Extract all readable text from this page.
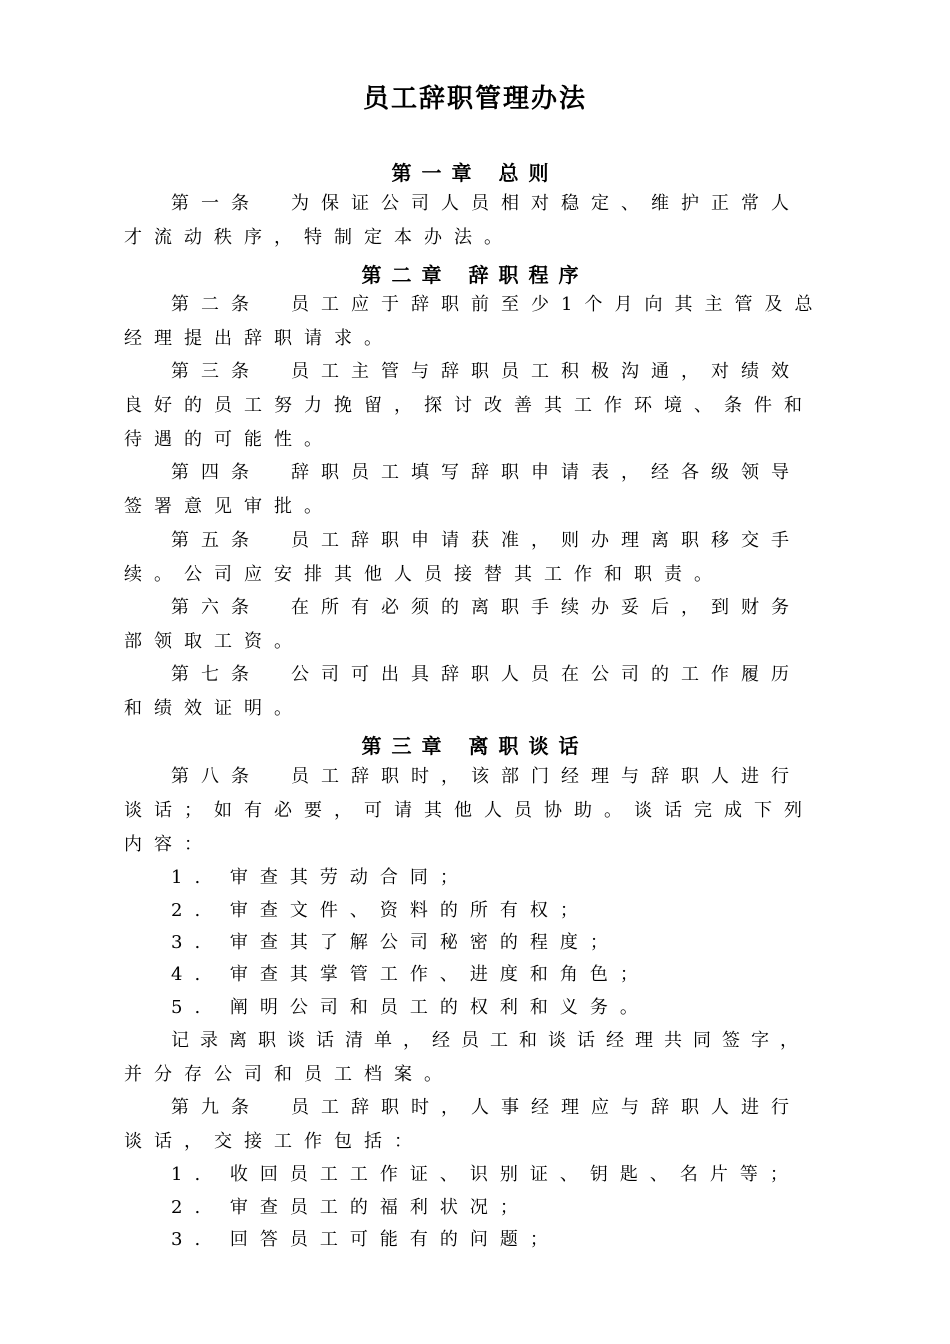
员工辞职管理办法
第一章 总则
第一条 为保证公司人员相对稳定、维护正常人
才流动秩序，特制定本办法。
第二章 辞职程序
第二条 员工应于辞职前至少1个月向其主管及总
经理提出辞职请求。
第三条 员工主管与辞职员工积极沟通，对绩效
良好的员工努力挽留，探讨改善其工作环境、条件和
待遇的可能性。
第四条 辞职员工填写辞职申请表，经各级领导
签署意见审批。
第五条 员工辞职申请获准，则办理离职移交手
续。公司应安排其他人员接替其工作和职责。
第六条 在所有必须的离职手续办妥后，到财务
部领取工资。
第七条 公司可出具辞职人员在公司的工作履历
和绩效证明。
第三章 离职谈话
第八条 员工辞职时，该部门经理与辞职人进行
谈话；如有必要，可请其他人员协助。谈话完成下列
内容：
1. 审查其劳动合同；
2. 审查文件、资料的所有权；
3. 审查其了解公司秘密的程度；
4. 审查其掌管工作、进度和角色；
5. 阐明公司和员工的权利和义务。
记录离职谈话清单，经员工和谈话经理共同签字，
并分存公司和员工档案。
第九条 员工辞职时，人事经理应与辞职人进行
谈话，交接工作包括：
1. 收回员工工作证、识别证、钥匙、名片等；
2. 审查员工的福利状况；
3. 回答员工可能有的问题；
